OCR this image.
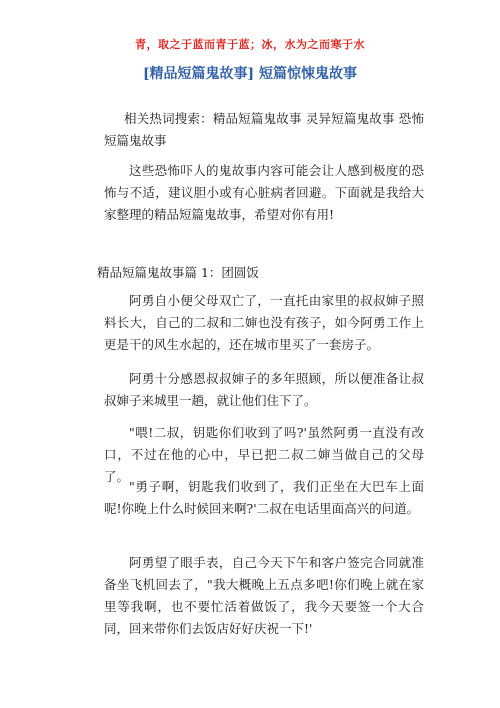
青，取之于蓝而青于蓝；冰，水为之而寒于水
[精品短篇鬼故事] 短篇惊悚鬼故事

相关热词搜索：精品短篇鬼故事 灵异短篇鬼故事 恐怖短篇鬼故事

这些恐怖吓人的鬼故事内容可能会让人感到极度的恐怖与不适，建议胆小或有心脏病者回避。下面就是我给大家整理的精品短篇鬼故事，希望对你有用!

精品短篇鬼故事篇 1：团圆饭

阿勇自小便父母双亡了，一直托由家里的叔叔婶子照料长大，自己的二叔和二婶也没有孩子，如今阿勇工作上更是干的风生水起的，还在城市里买了一套房子。

阿勇十分感恩叔叔婶子的多年照顾，所以便准备让叔叔婶子来城里一趟，就让他们住下了。

"喂!二叔，钥匙你们收到了吗?'虽然阿勇一直没有改口，不过在他的心中，早已把二叔二婶当做自己的父母了。

"勇子啊，钥匙我们收到了，我们正坐在大巴车上面呢!你晚上什么时候回来啊?'二叔在电话里面高兴的问道。

阿勇望了眼手表，自己今天下午和客户签完合同就准备坐飞机回去了，"我大概晚上五点多吧!你们晚上就在家里等我啊，也不要忙活着做饭了，我今天要签一个大合同，回来带你们去饭店好好庆祝一下!'
